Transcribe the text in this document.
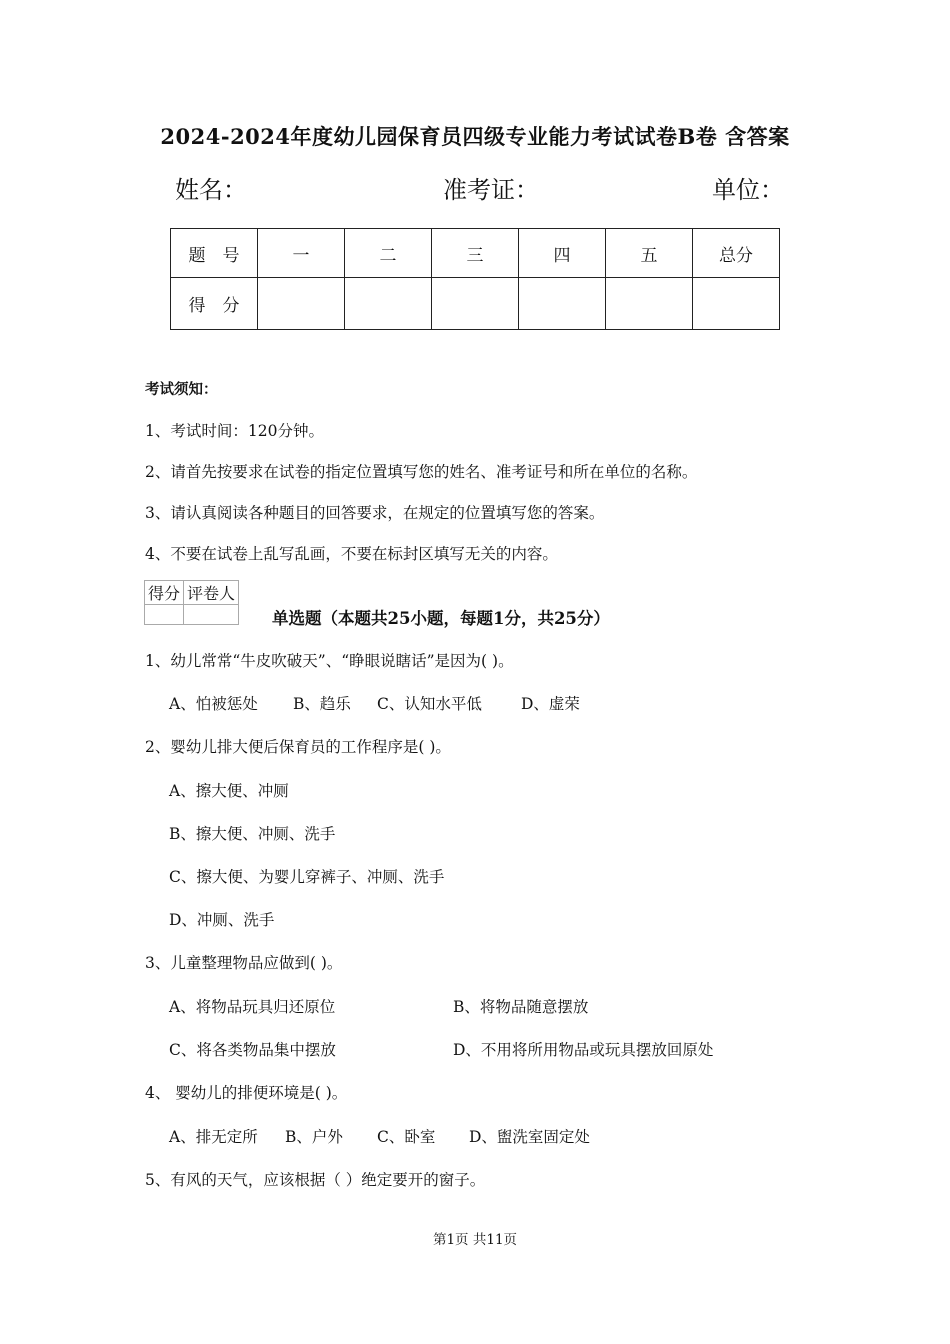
2024-2024年度幼儿园保育员四级专业能力考试试卷B卷 含答案
姓名：	准考证：	单位：
题　号	一	二	三	四	五	总分
得　分						
考试须知：
1、考试时间：120分钟。
2、请首先按要求在试卷的指定位置填写您的姓名、准考证号和所在单位的名称。
3、请认真阅读各种题目的回答要求，在规定的位置填写您的答案。
4、不要在试卷上乱写乱画，不要在标封区填写无关的内容。
得分	评卷人

单选题（本题共25小题，每题1分，共25分）
1、幼儿常常“牛皮吹破天”、“睁眼说瞎话”是因为( )。
A、怕被惩处 B、趋乐 C、认知水平低	D、虚荣
2、婴幼儿排大便后保育员的工作程序是( )。
A、擦大便、冲厕
B、擦大便、冲厕、洗手
C、擦大便、为婴儿穿裤子、冲厕、洗手
D、冲厕、洗手
3、儿童整理物品应做到( )。
A、将物品玩具归还原位	B、将物品随意摆放
C、将各类物品集中摆放	D、不用将所用物品或玩具摆放回原处
4、 婴幼儿的排便环境是( )。
A、排无定所 B、户外 C、卧室 D、盥洗室固定处
5、有风的天气，应该根据（ ）绝定要开的窗子。
第1页 共11页
